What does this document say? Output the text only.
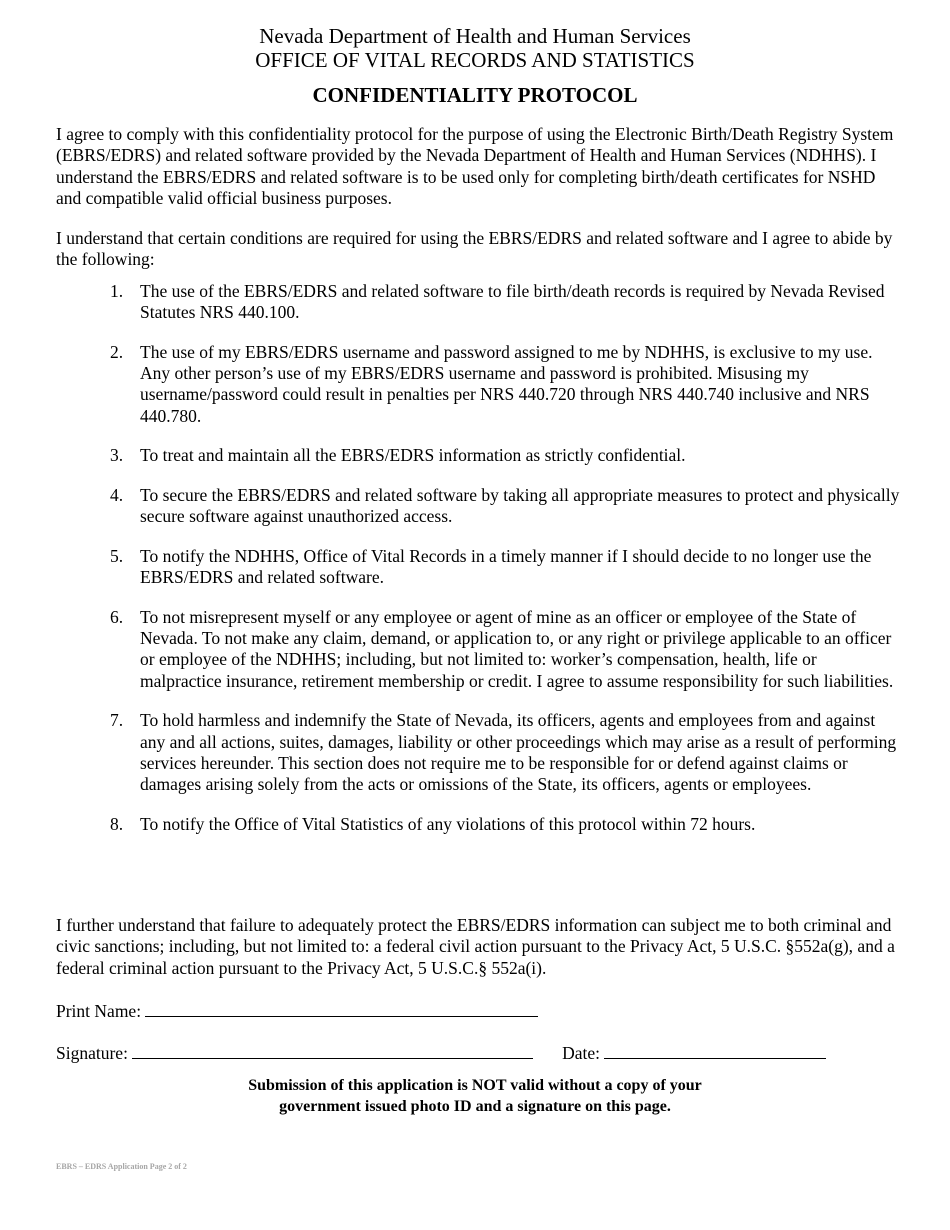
Nevada Department of Health and Human Services
OFFICE OF VITAL RECORDS AND STATISTICS
CONFIDENTIALITY PROTOCOL

I agree to comply with this confidentiality protocol for the purpose of using the Electronic Birth/Death Registry System (EBRS/EDRS) and related software provided by the Nevada Department of Health and Human Services (NDHHS). I understand the EBRS/EDRS and related software is to be used only for completing birth/death certificates for NSHD and compatible valid official business purposes.

I understand that certain conditions are required for using the EBRS/EDRS and related software and I agree to abide by the following:

1. The use of the EBRS/EDRS and related software to file birth/death records is required by Nevada Revised Statutes NRS 440.100.
2. The use of my EBRS/EDRS username and password assigned to me by NDHHS, is exclusive to my use. Any other person’s use of my EBRS/EDRS username and password is prohibited. Misusing my username/password could result in penalties per NRS 440.720 through NRS 440.740 inclusive and NRS 440.780.
3. To treat and maintain all the EBRS/EDRS information as strictly confidential.
4. To secure the EBRS/EDRS and related software by taking all appropriate measures to protect and physically secure software against unauthorized access.
5. To notify the NDHHS, Office of Vital Records in a timely manner if I should decide to no longer use the EBRS/EDRS and related software.
6. To not misrepresent myself or any employee or agent of mine as an officer or employee of the State of Nevada. To not make any claim, demand, or application to, or any right or privilege applicable to an officer or employee of the NDHHS; including, but not limited to: worker’s compensation, health, life or malpractice insurance, retirement membership or credit. I agree to assume responsibility for such liabilities.
7. To hold harmless and indemnify the State of Nevada, its officers, agents and employees from and against any and all actions, suites, damages, liability or other proceedings which may arise as a result of performing services hereunder. This section does not require me to be responsible for or defend against claims or damages arising solely from the acts or omissions of the State, its officers, agents or employees.
8. To notify the Office of Vital Statistics of any violations of this protocol within 72 hours.

I further understand that failure to adequately protect the EBRS/EDRS information can subject me to both criminal and civic sanctions; including, but not limited to: a federal civil action pursuant to the Privacy Act, 5 U.S.C. §552a(g), and a federal criminal action pursuant to the Privacy Act, 5 U.S.C.§ 552a(i).

Print Name:
Signature:	Date:
Submission of this application is NOT valid without a copy of your
government issued photo ID and a signature on this page.
EBRS – EDRS Application Page 2 of 2
